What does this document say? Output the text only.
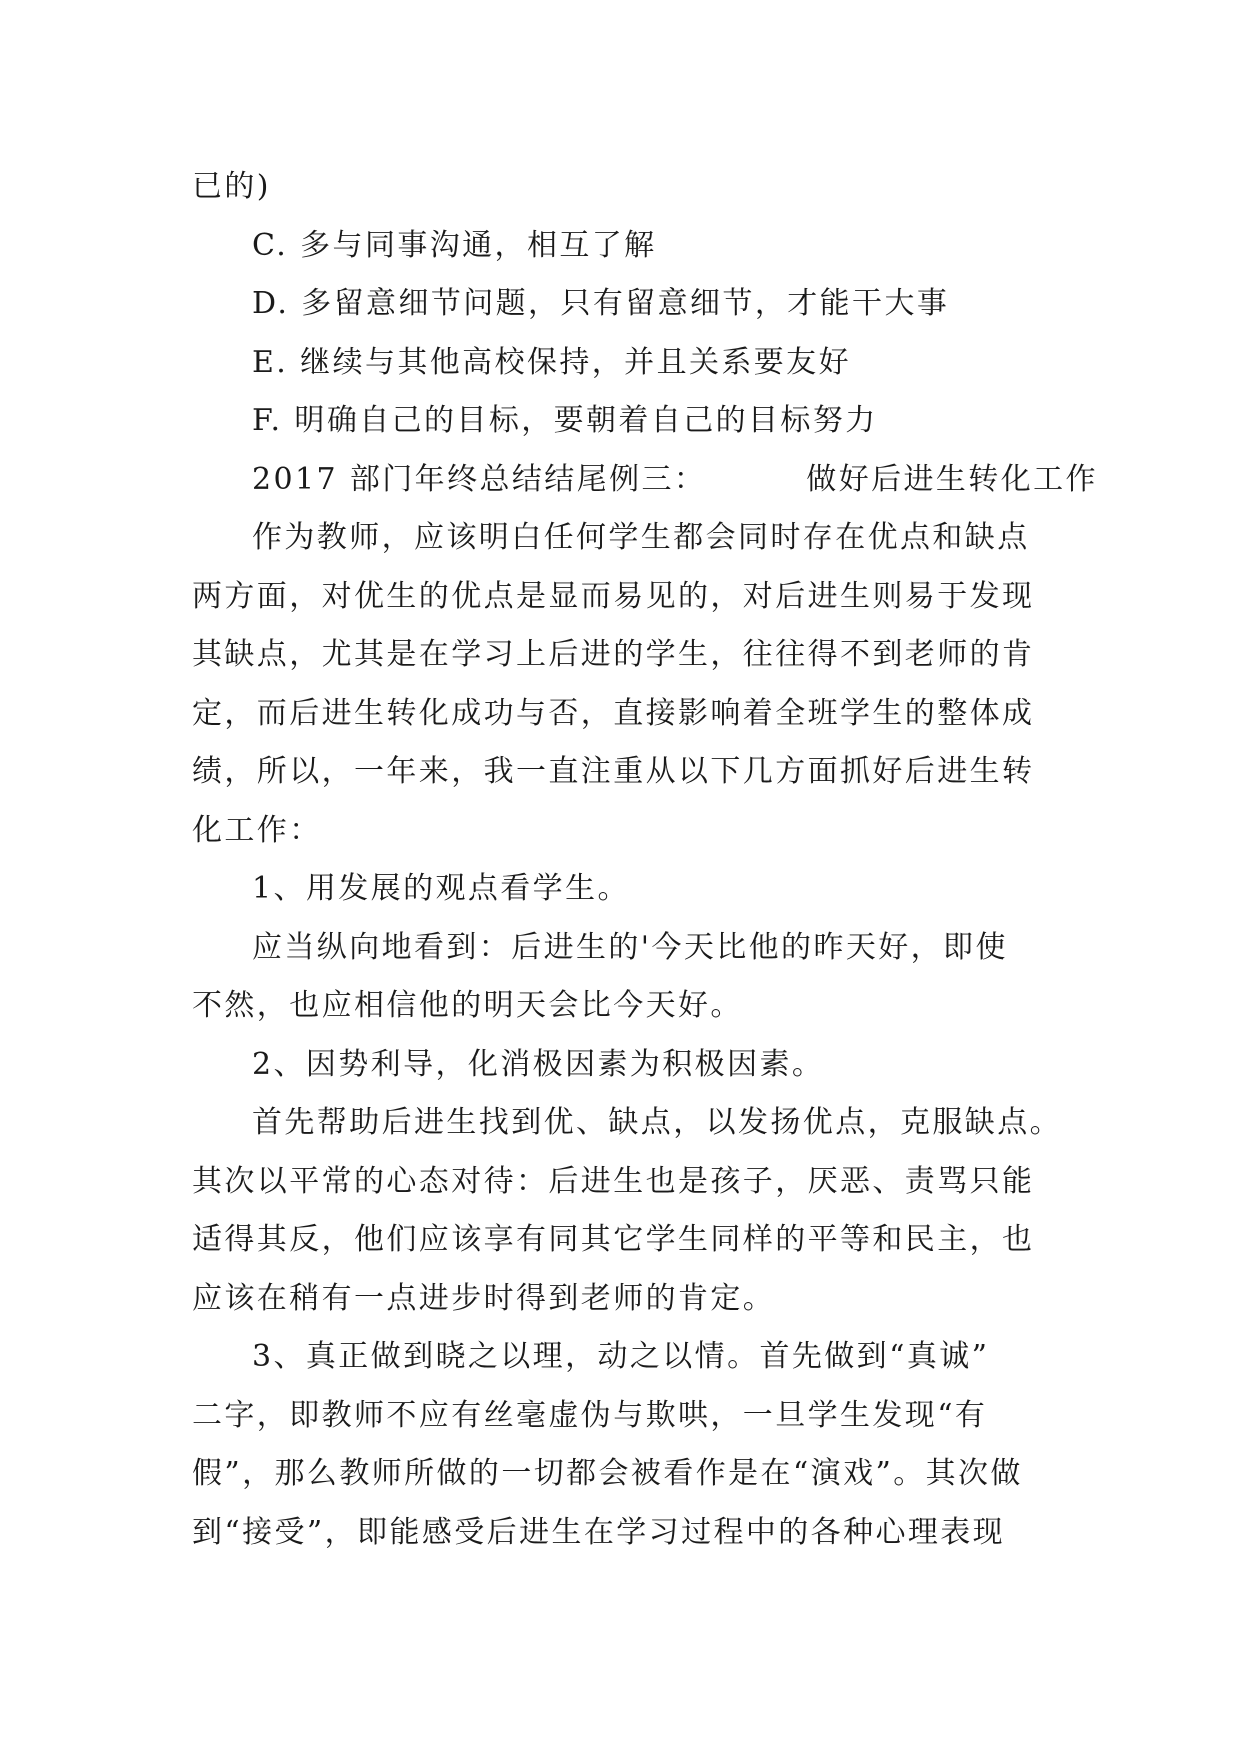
已的)
C. 多与同事沟通，相互了解
D. 多留意细节问题，只有留意细节，才能干大事
E. 继续与其他高校保持，并且关系要友好
F. 明确自己的目标，要朝着自己的目标努力
2017 部门年终总结结尾例三：	做好后进生转化工作
作为教师，应该明白任何学生都会同时存在优点和缺点
两方面，对优生的优点是显而易见的，对后进生则易于发现
其缺点，尤其是在学习上后进的学生，往往得不到老师的肯
定，而后进生转化成功与否，直接影响着全班学生的整体成
绩，所以，一年来，我一直注重从以下几方面抓好后进生转
化工作：
1、用发展的观点看学生。
应当纵向地看到：后进生的'今天比他的昨天好，即使
不然，也应相信他的明天会比今天好。
2、因势利导，化消极因素为积极因素。
首先帮助后进生找到优、缺点，以发扬优点，克服缺点。
其次以平常的心态对待：后进生也是孩子，厌恶、责骂只能
适得其反，他们应该享有同其它学生同样的平等和民主，也
应该在稍有一点进步时得到老师的肯定。
3、真正做到晓之以理，动之以情。首先做到“真诚”
二字，即教师不应有丝毫虚伪与欺哄，一旦学生发现“有
假”，那么教师所做的一切都会被看作是在“演戏”。其次做
到“接受”，即能感受后进生在学习过程中的各种心理表现
